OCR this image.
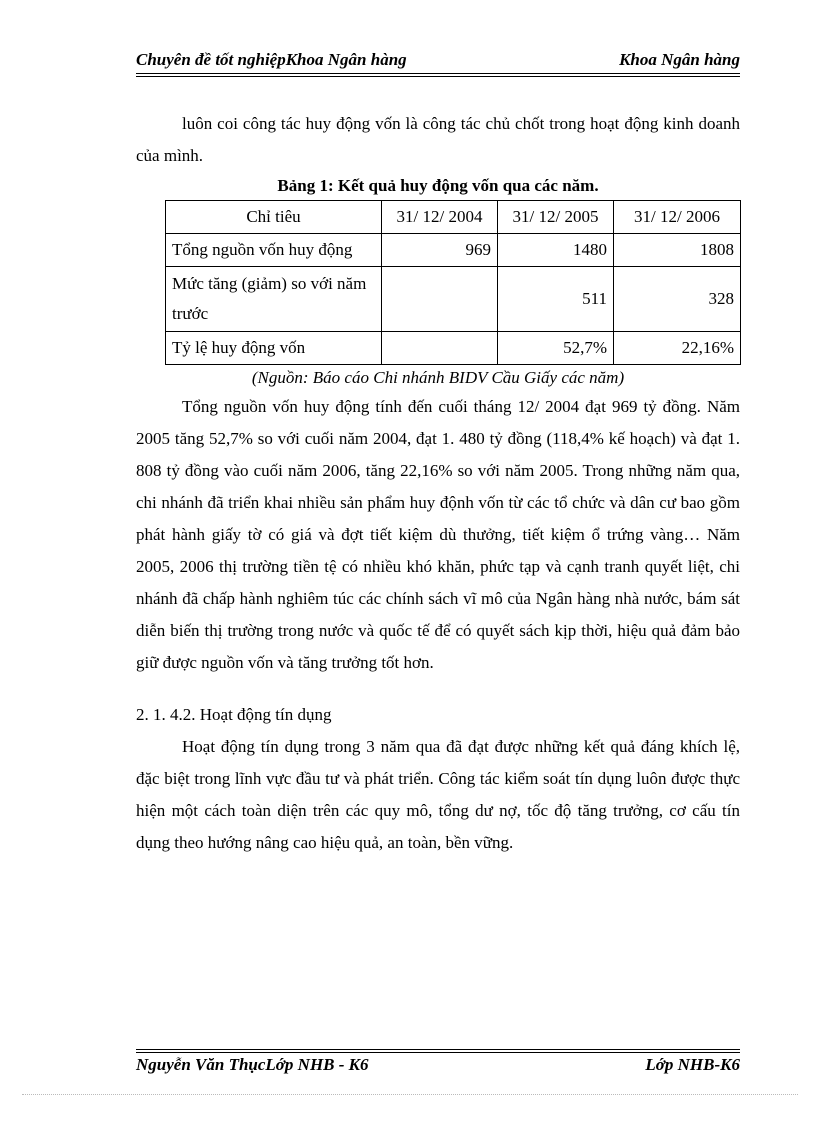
Chuyên đề tốt nghiệpKhoa Ngân hàng	Khoa Ngân hàng

luôn coi công tác huy động vốn là công tác chủ chốt trong hoạt động kinh doanh của mình.

Bảng 1: Kết quả huy động vốn qua các năm.

Chỉ tiêu	31/ 12/ 2004	31/ 12/ 2005	31/ 12/ 2006
Tổng nguồn vốn huy động	969	1480	1808
Mức tăng (giảm) so với năm trước		511	328
Tỷ lệ huy động vốn		52,7%	22,16%

(Nguồn: Báo cáo Chi nhánh BIDV Cầu Giấy các năm)

Tổng nguồn vốn huy động tính đến cuối tháng 12/ 2004 đạt 969 tỷ đồng. Năm 2005 tăng 52,7% so với cuối năm 2004, đạt 1. 480 tỷ đồng (118,4% kế hoạch) và đạt 1. 808 tỷ đồng vào cuối năm 2006, tăng 22,16% so với năm 2005. Trong những năm qua, chi nhánh đã triển khai nhiều sản phẩm huy độnh vốn từ các tổ chức và dân cư bao gồm phát hành giấy tờ có giá và đợt tiết kiệm dù thưởng, tiết kiệm ổ trứng vàng… Năm 2005, 2006 thị trường tiền tệ có nhiều khó khăn, phức tạp và cạnh tranh quyết liệt, chi nhánh đã chấp hành nghiêm túc các chính sách vĩ mô của Ngân hàng nhà nước, bám sát diễn biến thị trường trong nước và quốc tế để có quyết sách kịp thời, hiệu quả đảm bảo giữ được nguồn vốn và tăng trưởng tốt hơn.

2. 1. 4.2. Hoạt động tín dụng

Hoạt động tín dụng trong 3 năm qua đã đạt được những kết quả đáng khích lệ, đặc biệt trong lĩnh vực đầu tư và phát triển. Công tác kiểm soát tín dụng luôn được thực hiện một cách toàn diện trên các quy mô, tổng dư nợ, tốc độ tăng trưởng, cơ cấu tín dụng theo hướng nâng cao hiệu quả, an toàn, bền vững.

Nguyễn Văn ThụcLớp NHB - K6	Lớp NHB-K6
